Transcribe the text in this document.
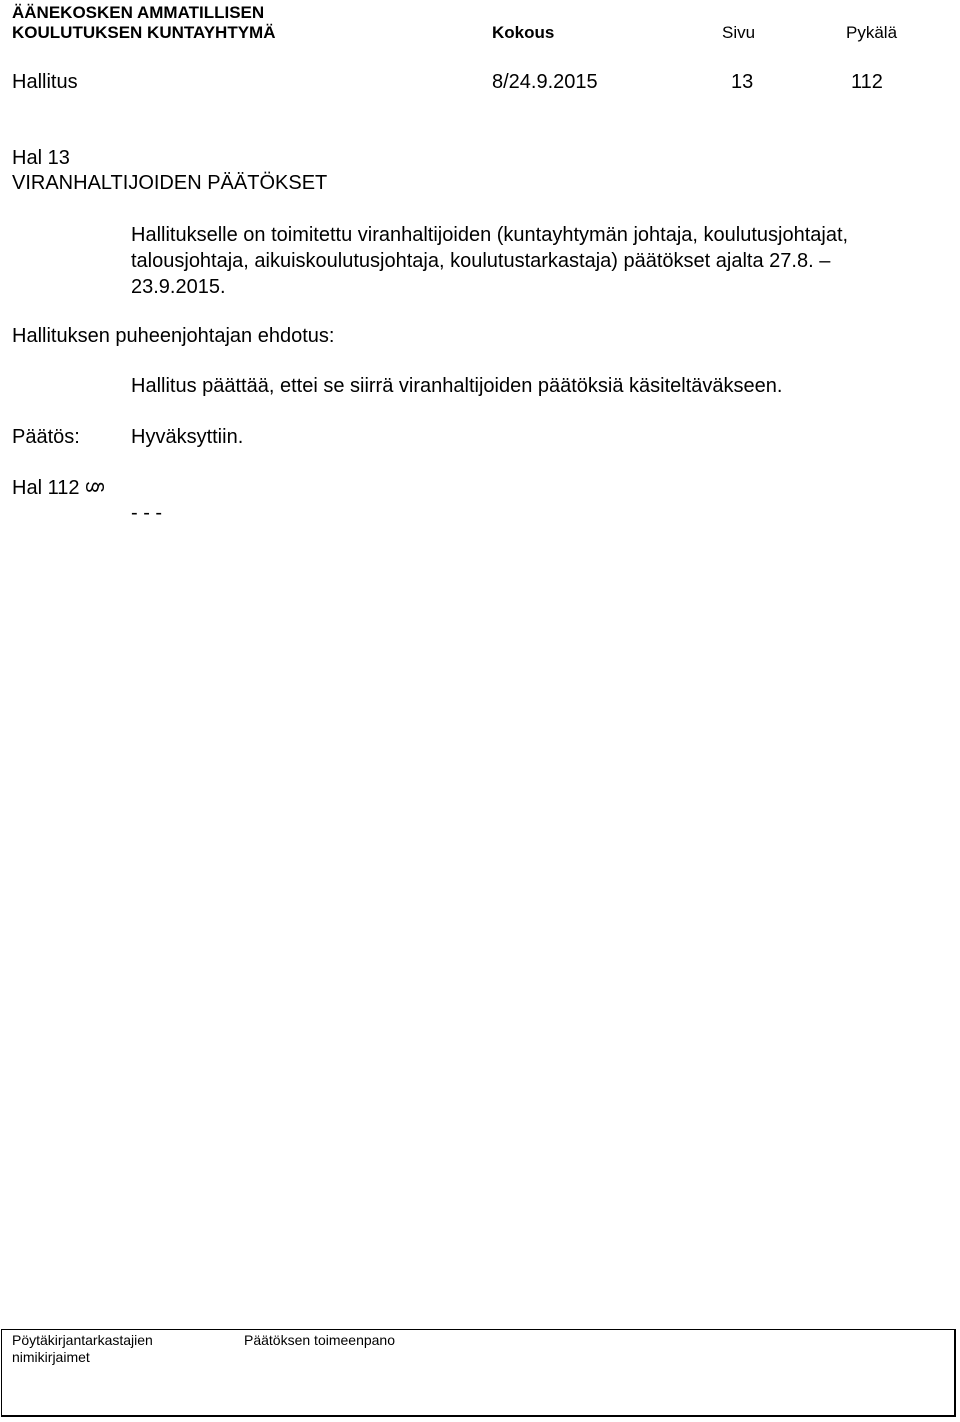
ÄÄNEKOSKEN AMMATILLISEN
KOULUTUKSEN KUNTAYHTYMÄ	Kokous	Sivu	Pykälä
Hallitus	8/24.9.2015	13	112
Hal 13
VIRANHALTIJOIDEN PÄÄTÖKSET
Hallitukselle on toimitettu viranhaltijoiden (kuntayhtymän johtaja, koulutusjohtajat,
talousjohtaja, aikuiskoulutusjohtaja, koulutustarkastaja) päätökset ajalta 27.8. –
23.9.2015.
Hallituksen puheenjohtajan ehdotus:
Hallitus päättää, ettei se siirrä viranhaltijoiden päätöksiä käsiteltäväkseen.
Päätös:	Hyväksyttiin.
Hal 112 §
- - -
Pöytäkirjantarkastajien
nimikirjaimet
Päätöksen toimeenpano
